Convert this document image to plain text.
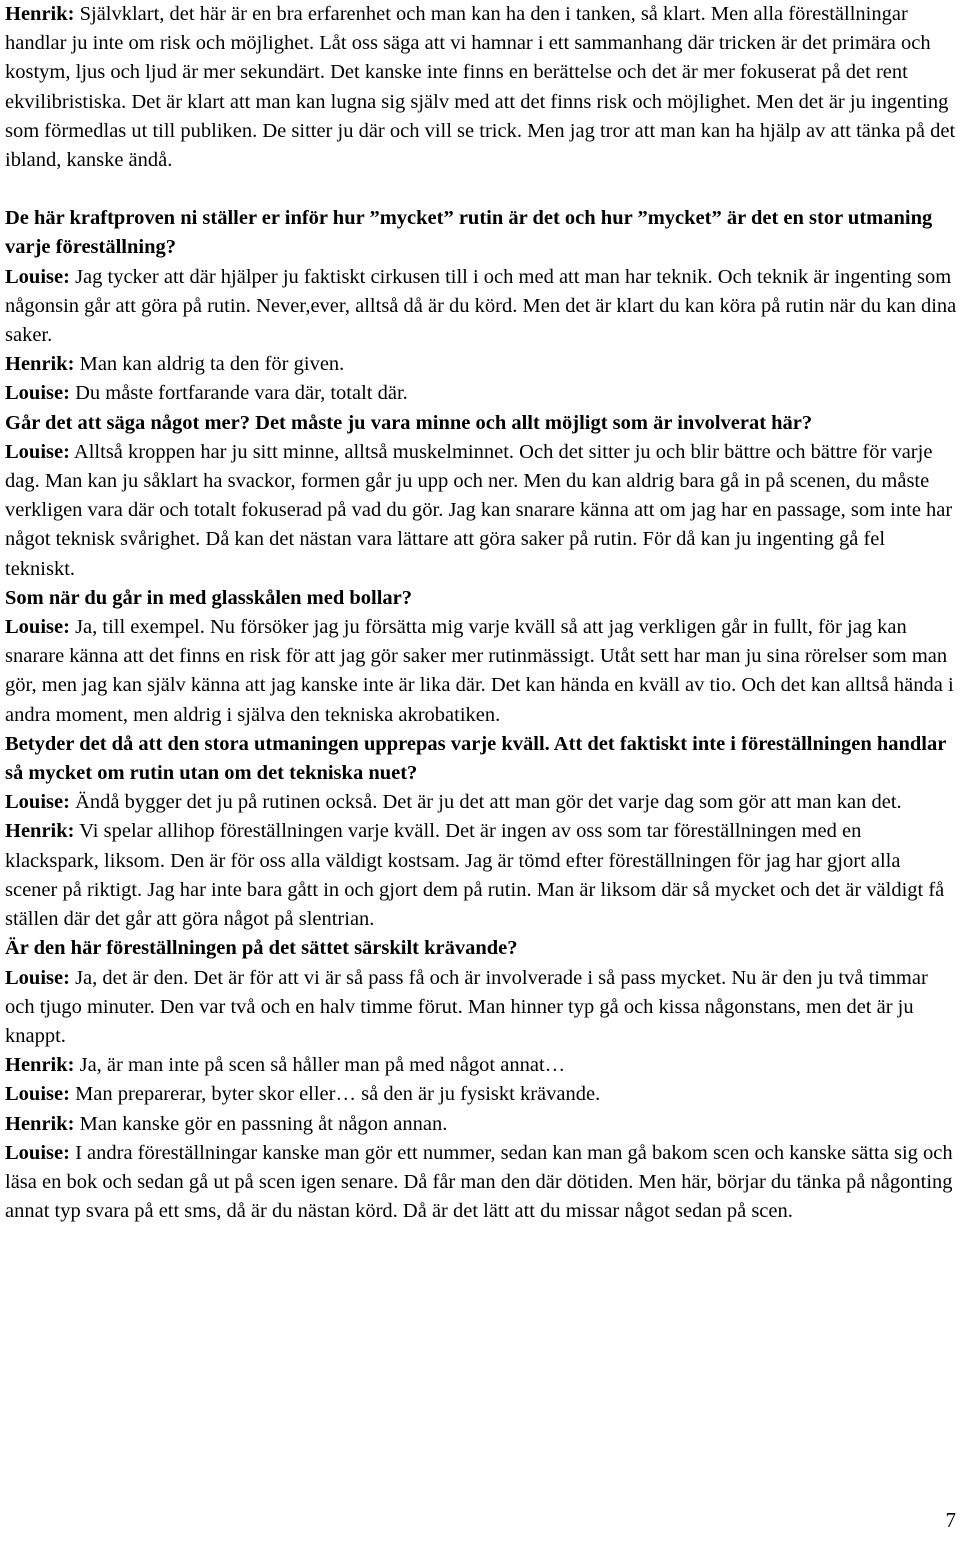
Henrik: Självklart, det här är en bra erfarenhet och man kan ha den i tanken, så klart. Men alla föreställningar handlar ju inte om risk och möjlighet. Låt oss säga att vi hamnar i ett sammanhang där tricken är det primära och kostym, ljus och ljud är mer sekundärt. Det kanske inte finns en berättelse och det är mer fokuserat på det rent ekvilibristiska. Det är klart att man kan lugna sig själv med att det finns risk och möjlighet. Men det är ju ingenting som förmedlas ut till publiken. De sitter ju där och vill se trick. Men jag tror att man kan ha hjälp av att tänka på det ibland, kanske ändå.

De här kraftproven ni ställer er inför hur ”mycket” rutin är det och hur ”mycket” är det en stor utmaning varje föreställning?

Louise: Jag tycker att där hjälper ju faktiskt cirkusen till i och med att man har teknik. Och teknik är ingenting som någonsin går att göra på rutin. Never,ever, alltså då är du körd. Men det är klart du kan köra på rutin när du kan dina saker.

Henrik: Man kan aldrig ta den för given.

Louise: Du måste fortfarande vara där, totalt där.

Går det att säga något mer? Det måste ju vara minne och allt möjligt som är involverat här?

Louise: Alltså kroppen har ju sitt minne, alltså muskelminnet. Och det sitter ju och blir bättre och bättre för varje dag. Man kan ju såklart ha svackor, formen går ju upp och ner. Men du kan aldrig bara gå in på scenen, du måste verkligen vara där och totalt fokuserad på vad du gör. Jag kan snarare känna att om jag har en passage, som inte har något teknisk svårighet. Då kan det nästan vara lättare att göra saker på rutin. För då kan ju ingenting gå fel tekniskt.

Som när du går in med glasskålen med bollar?

Louise: Ja, till exempel. Nu försöker jag ju försätta mig varje kväll så att jag verkligen går in fullt, för jag kan snarare känna att det finns en risk för att jag gör saker mer rutinmässigt. Utåt sett har man ju sina rörelser som man gör, men jag kan själv känna att jag kanske inte är lika där. Det kan hända en kväll av tio. Och det kan alltså hända i andra moment, men aldrig i själva den tekniska akrobatiken.

Betyder det då att den stora utmaningen upprepas varje kväll. Att det faktiskt inte i föreställningen handlar så mycket om rutin utan om det tekniska nuet?

Louise: Ändå bygger det ju på rutinen också. Det är ju det att man gör det varje dag som gör att man kan det.

Henrik: Vi spelar allihop föreställningen varje kväll. Det är ingen av oss som tar föreställningen med en klackspark, liksom. Den är för oss alla väldigt kostsam. Jag är tömd efter föreställningen för jag har gjort alla scener på riktigt. Jag har inte bara gått in och gjort dem på rutin. Man är liksom där så mycket och det är väldigt få ställen där det går att göra något på slentrian.

Är den här föreställningen på det sättet särskilt krävande?

Louise: Ja, det är den. Det är för att vi är så pass få och är involverade i så pass mycket. Nu är den ju två timmar och tjugo minuter. Den var två och en halv timme förut. Man hinner typ gå och kissa någonstans, men det är ju knappt.

Henrik: Ja, är man inte på scen så håller man på med något annat…

Louise: Man preparerar, byter skor eller… så den är ju fysiskt krävande.

Henrik: Man kanske gör en passning åt någon annan.

Louise: I andra föreställningar kanske man gör ett nummer, sedan kan man gå bakom scen och kanske sätta sig och läsa en bok och sedan gå ut på scen igen senare. Då får man den där dötiden. Men här, börjar du tänka på någonting annat typ svara på ett sms, då är du nästan körd. Då är det lätt att du missar något sedan på scen.

7
